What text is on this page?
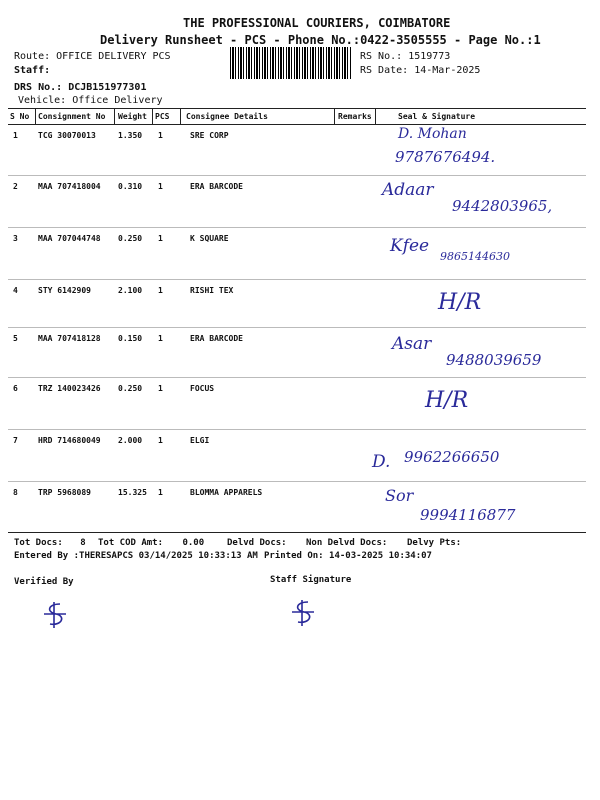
THE PROFESSIONAL COURIERS, COIMBATORE
Delivery Runsheet - PCS - Phone No.:0422-3505555 - Page No.:1
Route: OFFICE DELIVERY PCS
Staff:
DRS No.: DCJB151977301
Vehicle: Office Delivery
RS No.: 1519773
RS Date: 14-Mar-2025
S No Consignment No Weight PCS Consignee Details	Remarks	Seal & Signature
1	TCG 30070013	1.350 1	SRE CORP	D. Mohan
9787676494.
2	MAA 707418004 0.310 1	ERA BARCODE	Adaar
9442803965,
3	MAA 707044748 0.250 1	K SQUARE	Kfee
9865144630
4	STY 6142909	2.100 1	RISHI TEX	H/R
5	MAA 707418128 0.150 1	ERA BARCODE	Asar
9488039659
6	TRZ 140023426 0.250 1	FOCUS	H/R
7	HRD 714680049 2.000 1	ELGI
D. 9962266650
8	TRP 5968089	15.325 1	BLOMMA APPARELS	Sor
9994116877
Tot Docs: 8 Tot COD Amt: 0.00	Delvd Docs: Non Delvd Docs: Delvy Pts:
Entered By :THERESAPCS 03/14/2025 10:33:13 AM Printed On: 14-03-2025 10:34:07
Verified By	Staff Signature
